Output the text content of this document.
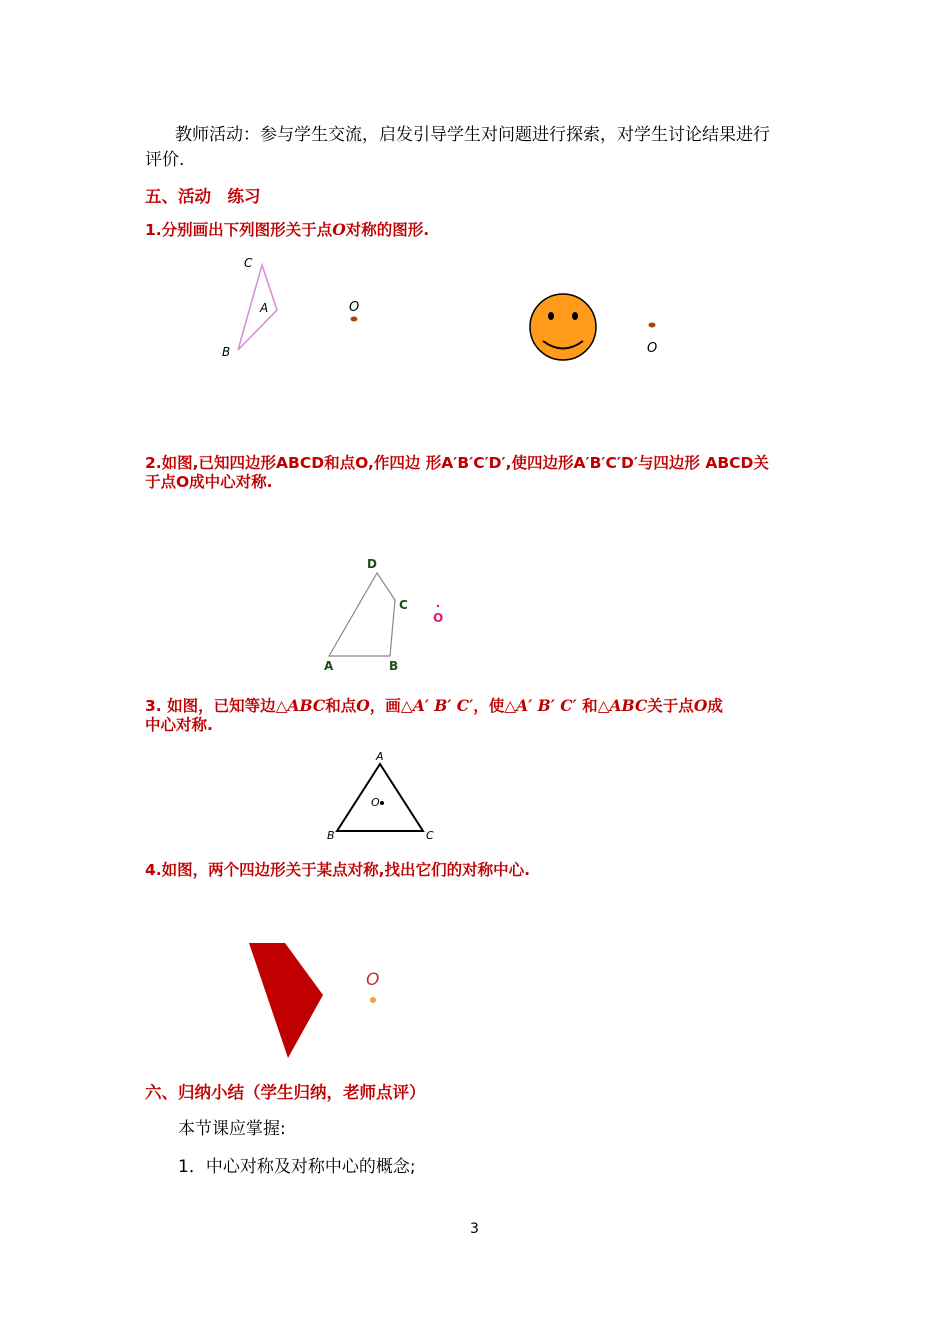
教师活动：参与学生交流，启发引导学生对问题进行探索，对学生讨论结果进行
评价.
五、活动　练习
1.分别画出下列图形关于点O对称的图形.
C
A
B
O
O
2.如图,已知四边形ABCD和点O,作四边 形A′B′C′D′,使四边形A′B′C′D′与四边形 ABCD关
于点O成中心对称.
D
C
A	B
O
3. 如图，已知等边△ABC和点O，画△A′ B′ C′，使△A′ B′ C′ 和△ABC关于点O成
中心对称.
A
B	C
O
4.如图，两个四边形关于某点对称,找出它们的对称中心.
O
六、归纳小结（学生归纳，老师点评）
本节课应掌握:
1．中心对称及对称中心的概念;
3
